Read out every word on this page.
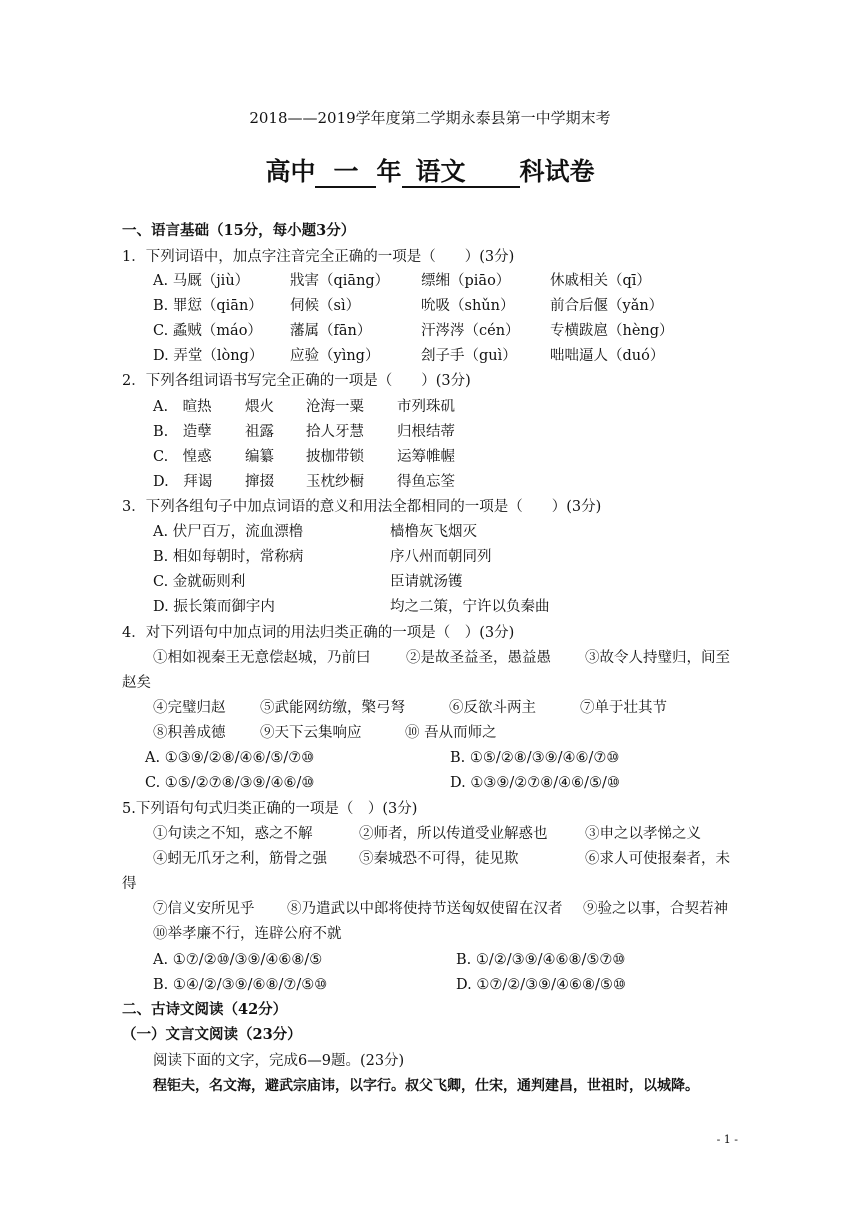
2018——2019学年度第二学期永泰县第一中学期末考
高中 一 年 语文 科试卷
一、语言基础（15分，每小题3分）
1．下列词语中，加点字注音完全正确的一项是（　　）(3分)
A. 马厩（jiù）	戕害（qiāng） 缥缃（piāo）	休戚相关（qī）
B. 罪愆（qiān） 伺候（sì）	吮吸（shǔn） 前合后偃（yǎn）
C. 蟊贼（máo） 藩属（fān）	汗涔涔（cén） 专横跋扈（hèng）
D. 弄堂（lòng） 应验（yìng）	刽子手（guì） 咄咄逼人（duó）
2．下列各组词语书写完全正确的一项是（　　）(3分)
A.　暄热 煨火 沧海一粟 市列珠矶
B.　造孽 祖露 拾人牙慧 归根结蒂
C.　惶惑 编纂 披枷带锁 运筹帷幄
D.　拜谒 撺掇 玉枕纱橱 得鱼忘筌
3．下列各组句子中加点词语的意义和用法全都相同的一项是（　　）(3分)
A. 伏尸百万，流血漂橹	樯橹灰飞烟灭
B. 相如每朝时，常称病	序八州而朝同列
C. 金就砺则利	臣请就汤镬
D. 振长策而御宇内	均之二策，宁许以负秦曲
4．对下列语句中加点词的用法归类正确的一项是（　）(3分)
①相如视秦王无意偿赵城，乃前曰 ②是故圣益圣，愚益愚 ③故令人持璧归，间至
赵矣
④完璧归赵 ⑤武能网纺缴，檠弓弩	⑥反欲斗两主	⑦单于壮其节
⑧积善成德 ⑨天下云集响应	⑩ 吾从而师之
A. ①③⑨/②⑧/④⑥/⑤/⑦⑩	B. ①⑤/②⑧/③⑨/④⑥/⑦⑩
C. ①⑤/②⑦⑧/③⑨/④⑥/⑩	D. ①③⑨/②⑦⑧/④⑥/⑤/⑩
5.下列语句句式归类正确的一项是（　）(3分)
①句读之不知，惑之不解	②师者，所以传道受业解惑也	③申之以孝悌之义
④蚓无爪牙之利，筋骨之强 ⑤秦城恐不可得，徒见欺	⑥求人可使报秦者，未
得
⑦信义安所见乎 ⑧乃遣武以中郎将使持节送匈奴使留在汉者 ⑨验之以事，合契若神
⑩举孝廉不行，连辟公府不就
A. ①⑦/②⑩/③⑨/④⑥⑧/⑤	B. ①/②/③⑨/④⑥⑧/⑤⑦⑩
B. ①④/②/③⑨/⑥⑧/⑦/⑤⑩	D. ①⑦/②/③⑨/④⑥⑧/⑤⑩
二、古诗文阅读（42分）
（一）文言文阅读（23分）
阅读下面的文字，完成6—9题。(23分)
程钜夫，名文海，避武宗庙讳，以字行。叔父飞卿，仕宋，通判建昌，世祖时，以城降。
- 1 -
